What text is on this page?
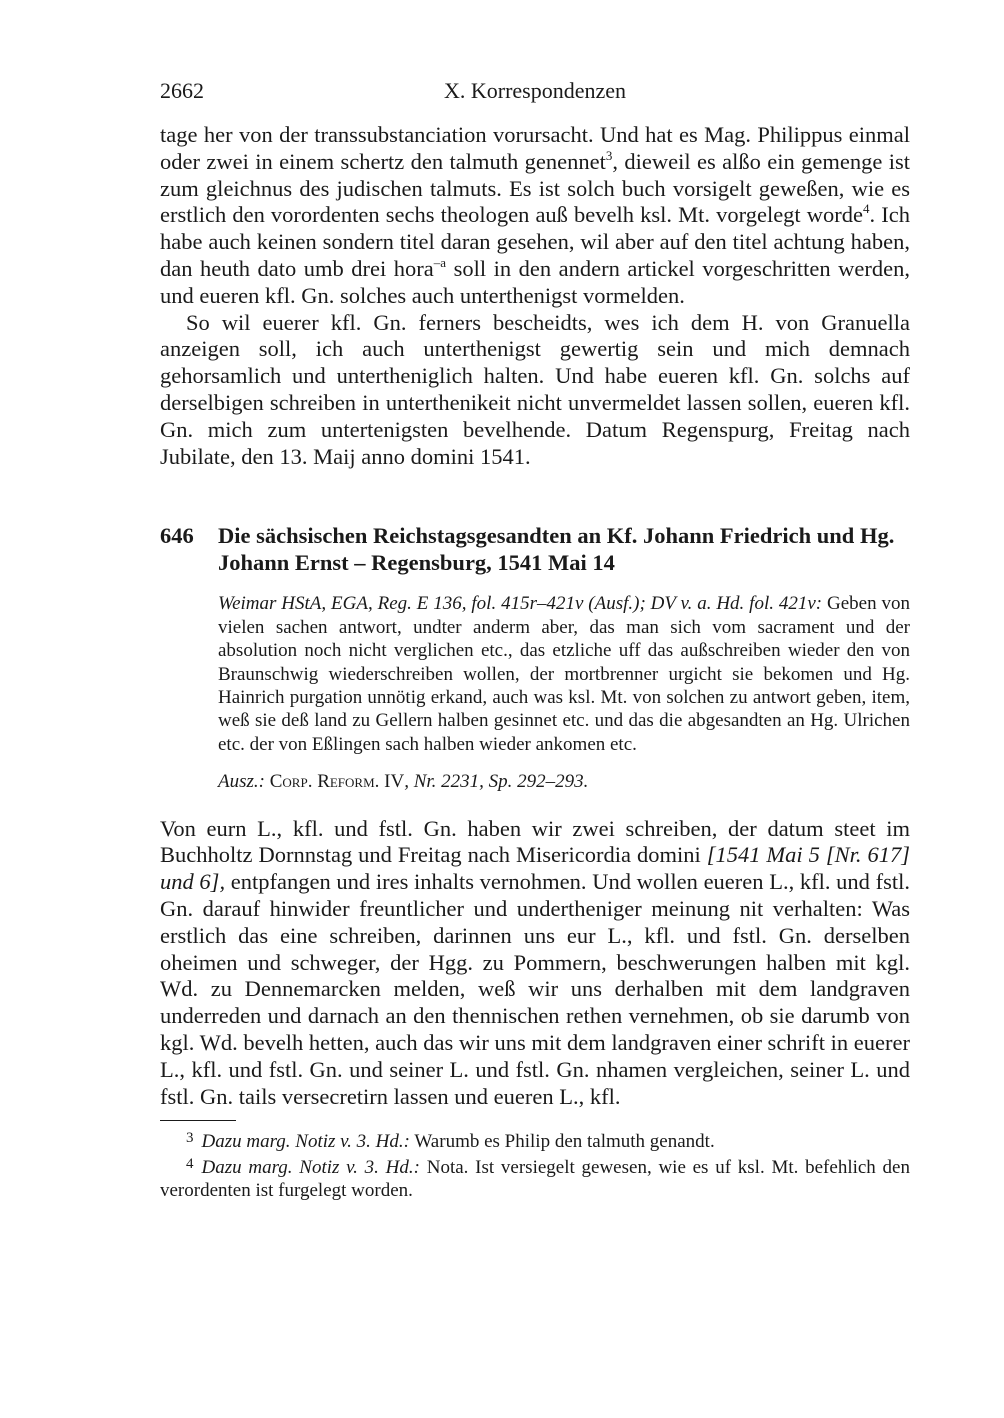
2662	X. Korrespondenzen

tage her von der transsubstanciation vorursacht. Und hat es Mag. Philippus einmal oder zwei in einem schertz den talmuth genennet$^3$, dieweil es alßo ein gemenge ist zum gleichnus des judischen talmuts. Es ist solch buch vorsigelt geweßen, wie es erstlich den vorordenten sechs theologen auß bevelh ksl. Mt. vorgelegt worde$^4$. Ich habe auch keinen sondern titel daran gesehen, wil aber auf den titel achtung haben, dan heuth dato umb drei hora$^{-a}$ soll in den andern artickel vorgeschritten werden, und eueren kfl. Gn. solches auch unterthenigst vormelden.

So wil euerer kfl. Gn. ferners bescheidts, wes ich dem H. von Granuella anzeigen soll, ich auch unterthenigst gewertig sein und mich demnach gehorsamlich und untertheniglich halten. Und habe eueren kfl. Gn. solchs auf derselbigen schreiben in unterthenikeit nicht unvermeldet lassen sollen, eueren kfl. Gn. mich zum untertenigsten bevelhende. Datum Regenspurg, Freitag nach Jubilate, den 13. Maij anno domini 1541.

646	Die sächsischen Reichstagsgesandten an Kf. Johann Friedrich und Hg. Johann Ernst – Regensburg, 1541 Mai 14

Weimar HStA, EGA, Reg. E 136, fol. 415r–421v (Ausf.); DV v. a. Hd. fol. 421v: Geben von vielen sachen antwort, undter anderm aber, das man sich vom sacrament und der absolution noch nicht verglichen etc., das etzliche uff das außschreiben wieder den von Braunschwig wiederschreiben wollen, der mortbrenner urgicht sie bekomen und Hg. Hainrich purgation unnötig erkand, auch was ksl. Mt. von solchen zu antwort geben, item, weß sie deß land zu Gellern halben gesinnet etc. und das die abgesandten an Hg. Ulrichen etc. der von Eßlingen sach halben wieder ankomen etc.

Ausz.: Corp. Reform. IV, Nr. 2231, Sp. 292–293.

Von eurn L., kfl. und fstl. Gn. haben wir zwei schreiben, der datum steet im Buchholtz Dornnstag und Freitag nach Misericordia domini [1541 Mai 5 [Nr. 617] und 6], entpfangen und ires inhalts vernohmen. Und wollen eueren L., kfl. und fstl. Gn. darauf hinwider freuntlicher und undertheniger meinung nit verhalten: Was erstlich das eine schreiben, darinnen uns eur L., kfl. und fstl. Gn. derselben oheimen und schweger, der Hgg. zu Pommern, beschwerungen halben mit kgl. Wd. zu Dennemarcken melden, weß wir uns derhalben mit dem landgraven underreden und darnach an den thennischen rethen vernehmen, ob sie darumb von kgl. Wd. bevelh hetten, auch das wir uns mit dem landgraven einer schrift in euerer L., kfl. und fstl. Gn. und seiner L. und fstl. Gn. nhamen vergleichen, seiner L. und fstl. Gn. tails versecretirn lassen und eueren L., kfl.

$^3$ Dazu marg. Notiz v. 3. Hd.: Warumb es Philip den talmuth genandt.

$^4$ Dazu marg. Notiz v. 3. Hd.: Nota. Ist versiegelt gewesen, wie es uf ksl. Mt. befehlich den verordenten ist furgelegt worden.
